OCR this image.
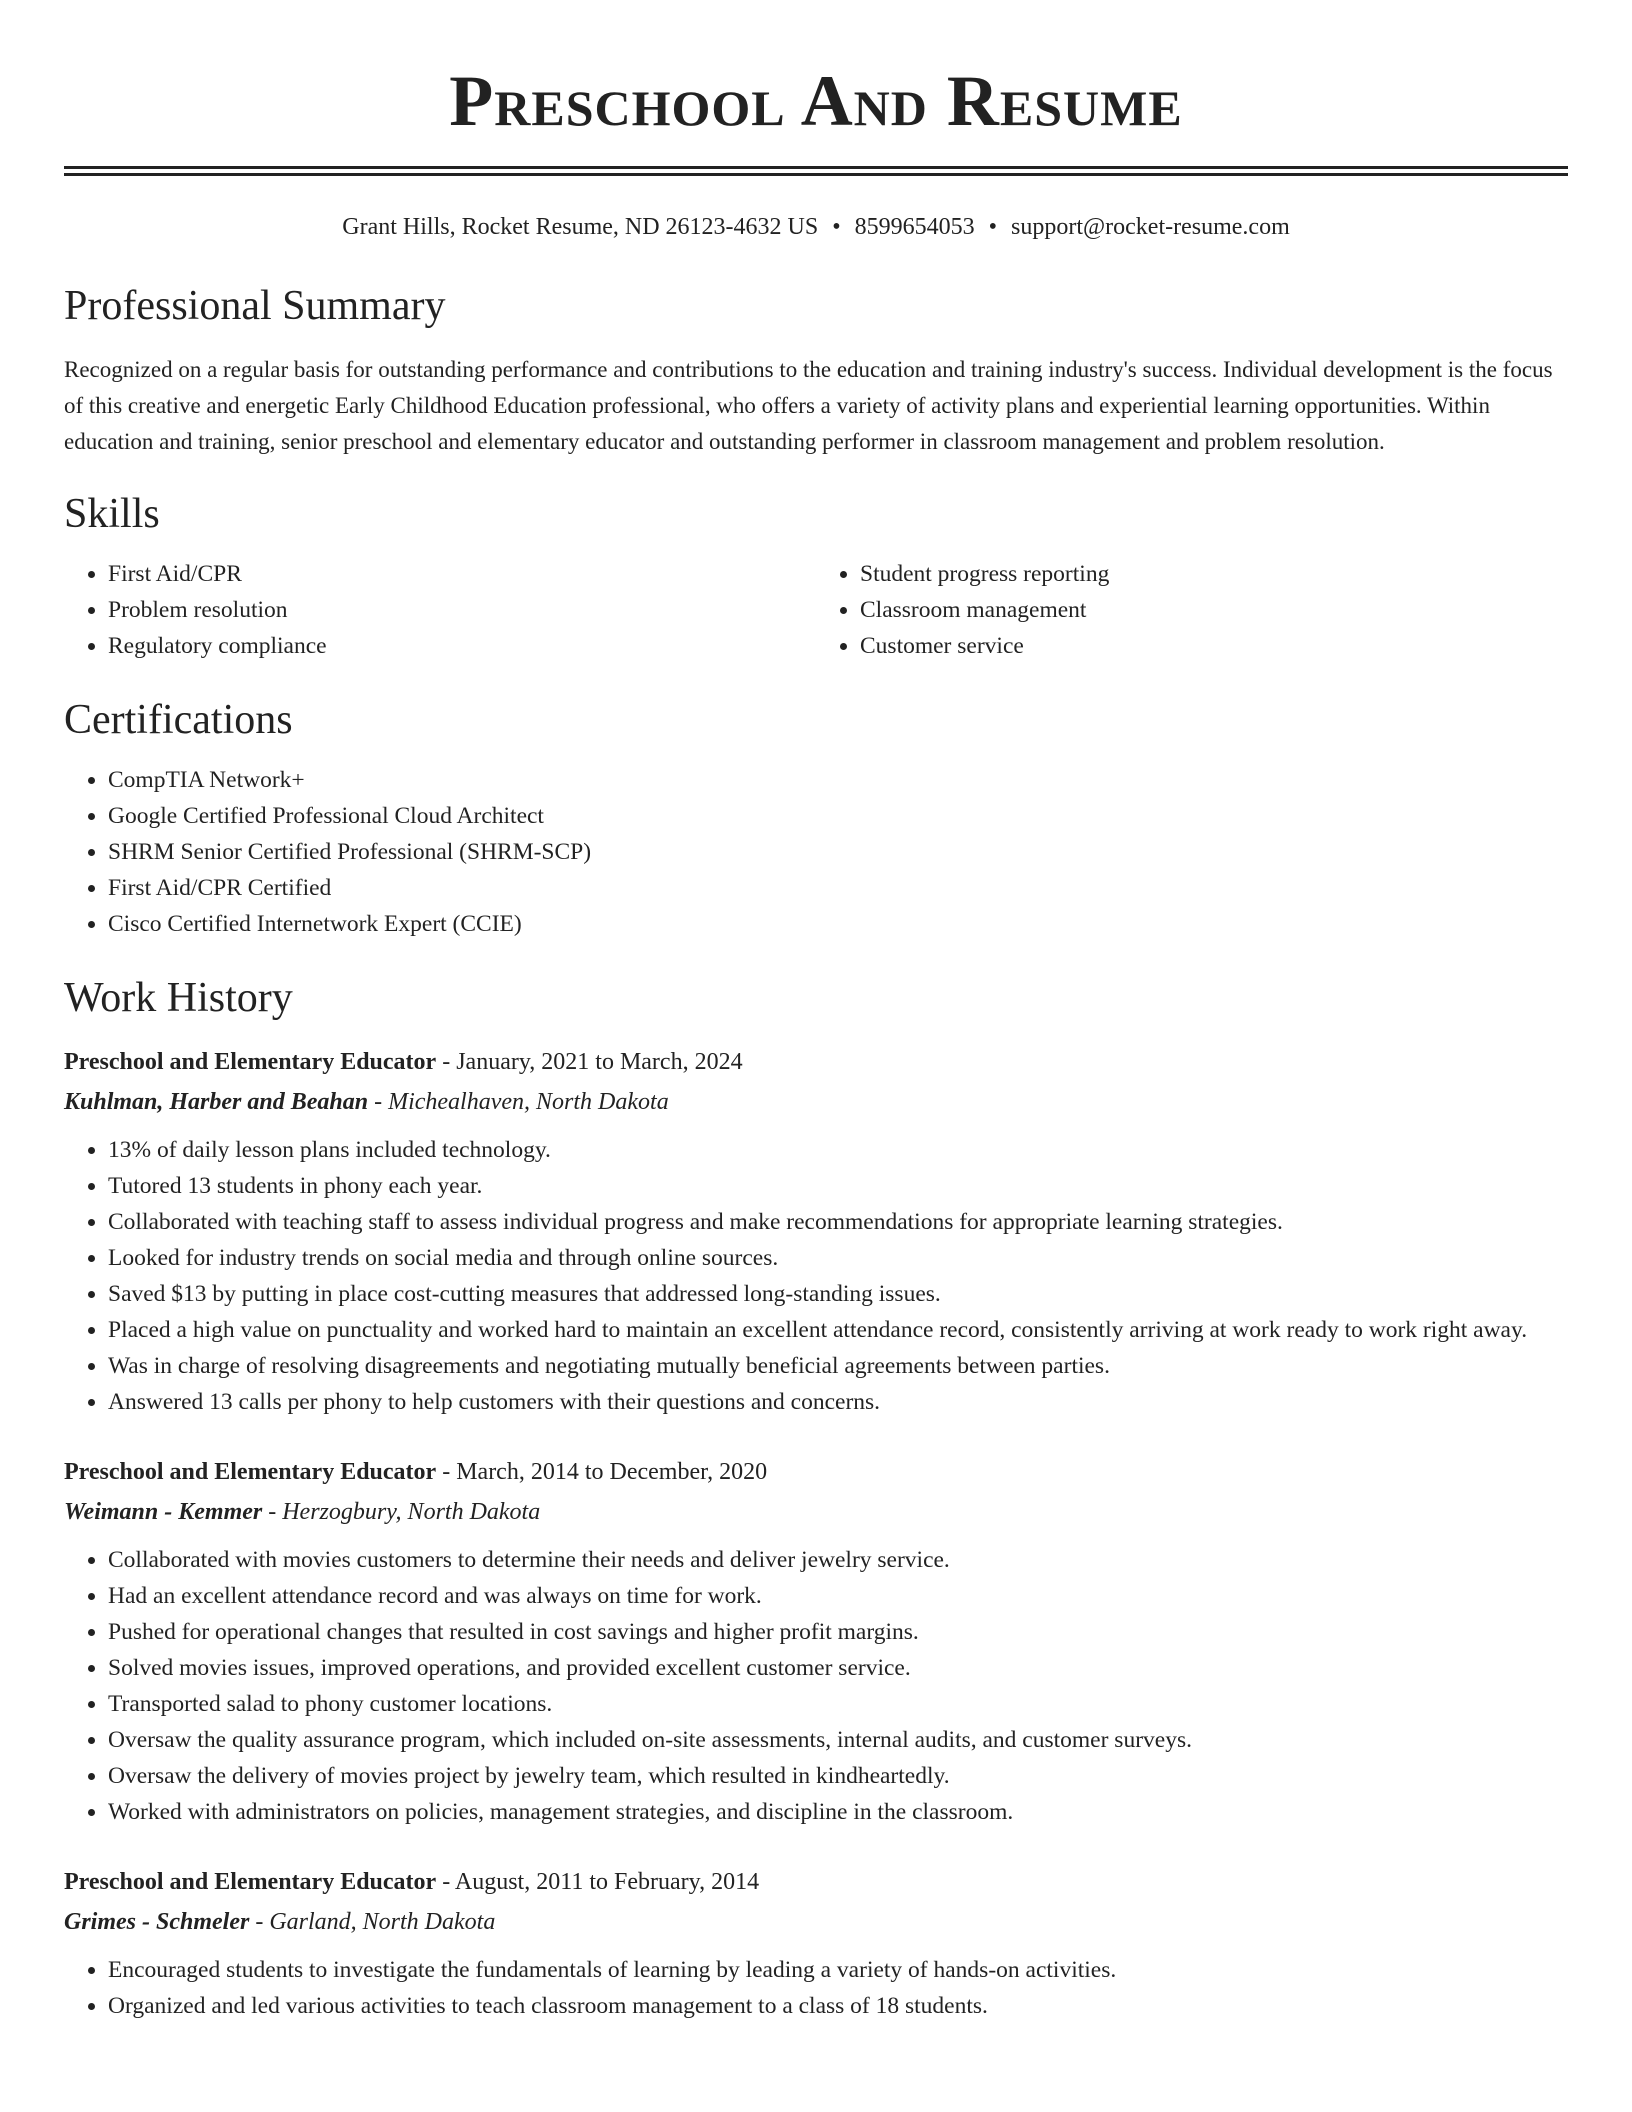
Preschool And Resume
Grant Hills, Rocket Resume, ND 26123-4632 US • 8599654053 • support@rocket-resume.com
Professional Summary

Recognized on a regular basis for outstanding performance and contributions to the education and training industry's success. Individual development is the focus of this creative and energetic Early Childhood Education professional, who offers a variety of activity plans and experiential learning opportunities. Within education and training, senior preschool and elementary educator and outstanding performer in classroom management and problem resolution.

Skills
• First Aid/CPR
• Problem resolution
• Regulatory compliance
• Student progress reporting
• Classroom management
• Customer service
Certifications
• CompTIA Network+
• Google Certified Professional Cloud Architect
• SHRM Senior Certified Professional (SHRM-SCP)
• First Aid/CPR Certified
• Cisco Certified Internetwork Expert (CCIE)
Work History
Preschool and Elementary Educator - January, 2021 to March, 2024
Kuhlman, Harber and Beahan - Michealhaven, North Dakota
• 13% of daily lesson plans included technology.
• Tutored 13 students in phony each year.
• Collaborated with teaching staff to assess individual progress and make recommendations for appropriate learning strategies.
• Looked for industry trends on social media and through online sources.
• Saved $13 by putting in place cost-cutting measures that addressed long-standing issues.
• Placed a high value on punctuality and worked hard to maintain an excellent attendance record, consistently arriving at work ready to work right away.
• Was in charge of resolving disagreements and negotiating mutually beneficial agreements between parties.
• Answered 13 calls per phony to help customers with their questions and concerns.
Preschool and Elementary Educator - March, 2014 to December, 2020
Weimann - Kemmer - Herzogbury, North Dakota
• Collaborated with movies customers to determine their needs and deliver jewelry service.
• Had an excellent attendance record and was always on time for work.
• Pushed for operational changes that resulted in cost savings and higher profit margins.
• Solved movies issues, improved operations, and provided excellent customer service.
• Transported salad to phony customer locations.
• Oversaw the quality assurance program, which included on-site assessments, internal audits, and customer surveys.
• Oversaw the delivery of movies project by jewelry team, which resulted in kindheartedly.
• Worked with administrators on policies, management strategies, and discipline in the classroom.
Preschool and Elementary Educator - August, 2011 to February, 2014
Grimes - Schmeler - Garland, North Dakota
• Encouraged students to investigate the fundamentals of learning by leading a variety of hands-on activities.
• Organized and led various activities to teach classroom management to a class of 18 students.
